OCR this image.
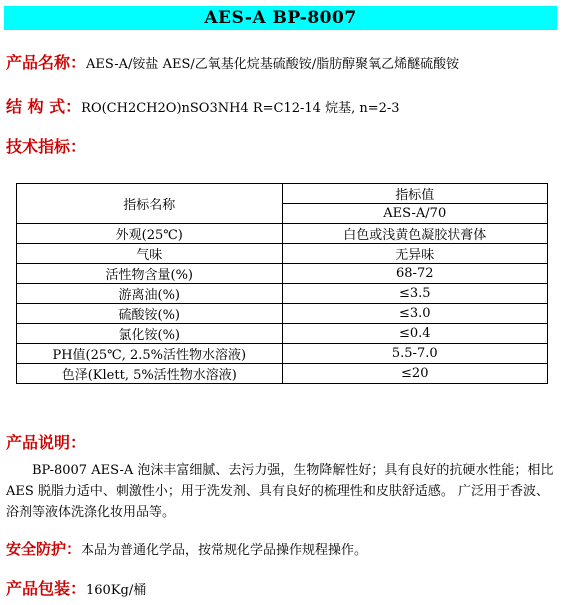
AES-A BP-8007
产品名称：AES-A/铵盐 AES/乙氧基化烷基硫酸铵/脂肪醇聚氧乙烯醚硫酸铵
结 构 式：RO(CH2CH2O)nSO3NH4 R=C12-14 烷基, n=2-3
技术指标：
指标名称	指标值
	AES-A/70
外观(25℃)	白色或浅黄色凝胶状膏体
气味	无异味
活性物含量(%)	68-72
游离油(%)	≤3.5
硫酸铵(%)	≤3.0
氯化铵(%)	≤0.4
PH值(25℃, 2.5%活性物水溶液)	5.5-7.0
色泽(Klett, 5%活性物水溶液)	≤20
产品说明：
BP-8007 AES-A 泡沫丰富细腻、去污力强，生物降解性好；具有良好的抗硬水性能；相比 AES 脱脂力适中、刺激性小；用于洗发剂、具有良好的梳理性和皮肤舒适感。 广泛用于香波、浴剂等液体洗涤化妆用品等。
安全防护：本品为普通化学品，按常规化学品操作规程操作。
产品包装：160Kg/桶
